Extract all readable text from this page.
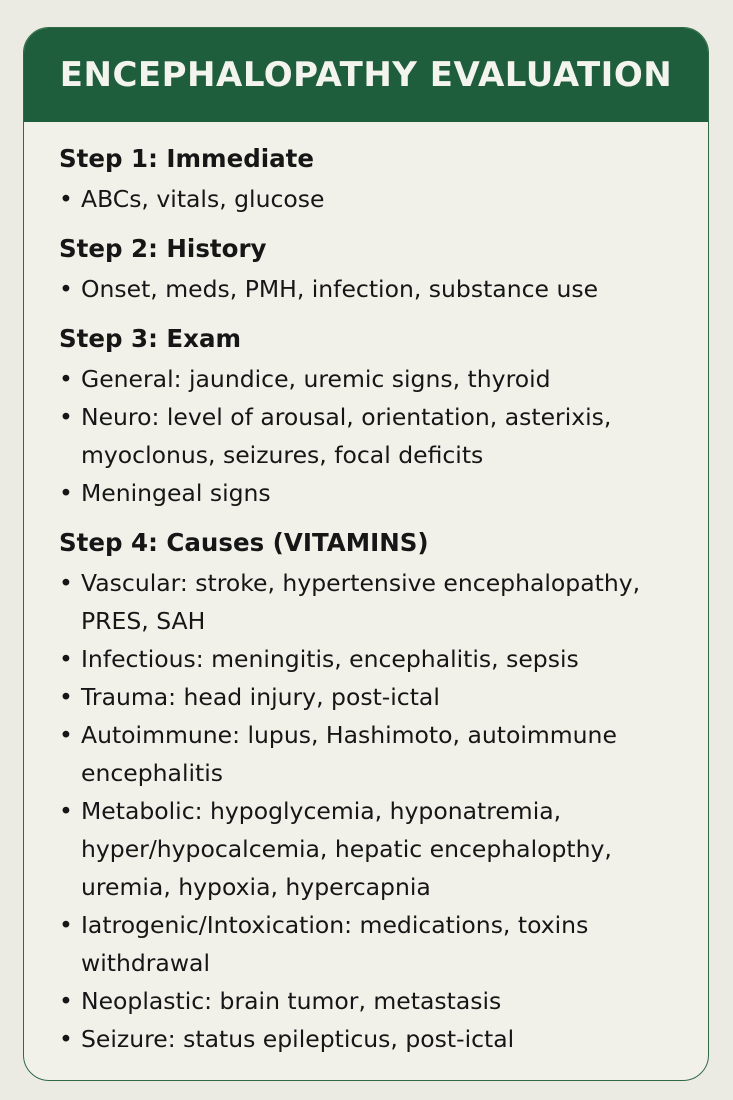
ENCEPHALOPATHY EVALUATION
Step 1: Immediate
• ABCs, vitals, glucose
Step 2: History
• Onset, meds, PMH, infection, substance use
Step 3: Exam
• General: jaundice, uremic signs, thyroid
• Neuro: level of arousal, orientation, asterixis,
myoclonus, seizures, focal deficits
• Meningeal signs
Step 4: Causes (VITAMINS)
• Vascular: stroke, hypertensive encephalopathy,
PRES, SAH
• Infectious: meningitis, encephalitis, sepsis
• Trauma: head injury, post-ictal
• Autoimmune: lupus, Hashimoto, autoimmune
encephalitis
• Metabolic: hypoglycemia, hyponatremia,
hyper/hypocalcemia, hepatic encephalopthy,
uremia, hypoxia, hypercapnia
• Iatrogenic/Intoxication: medications, toxins
withdrawal
• Neoplastic: brain tumor, metastasis
• Seizure: status epilepticus, post-ictal
